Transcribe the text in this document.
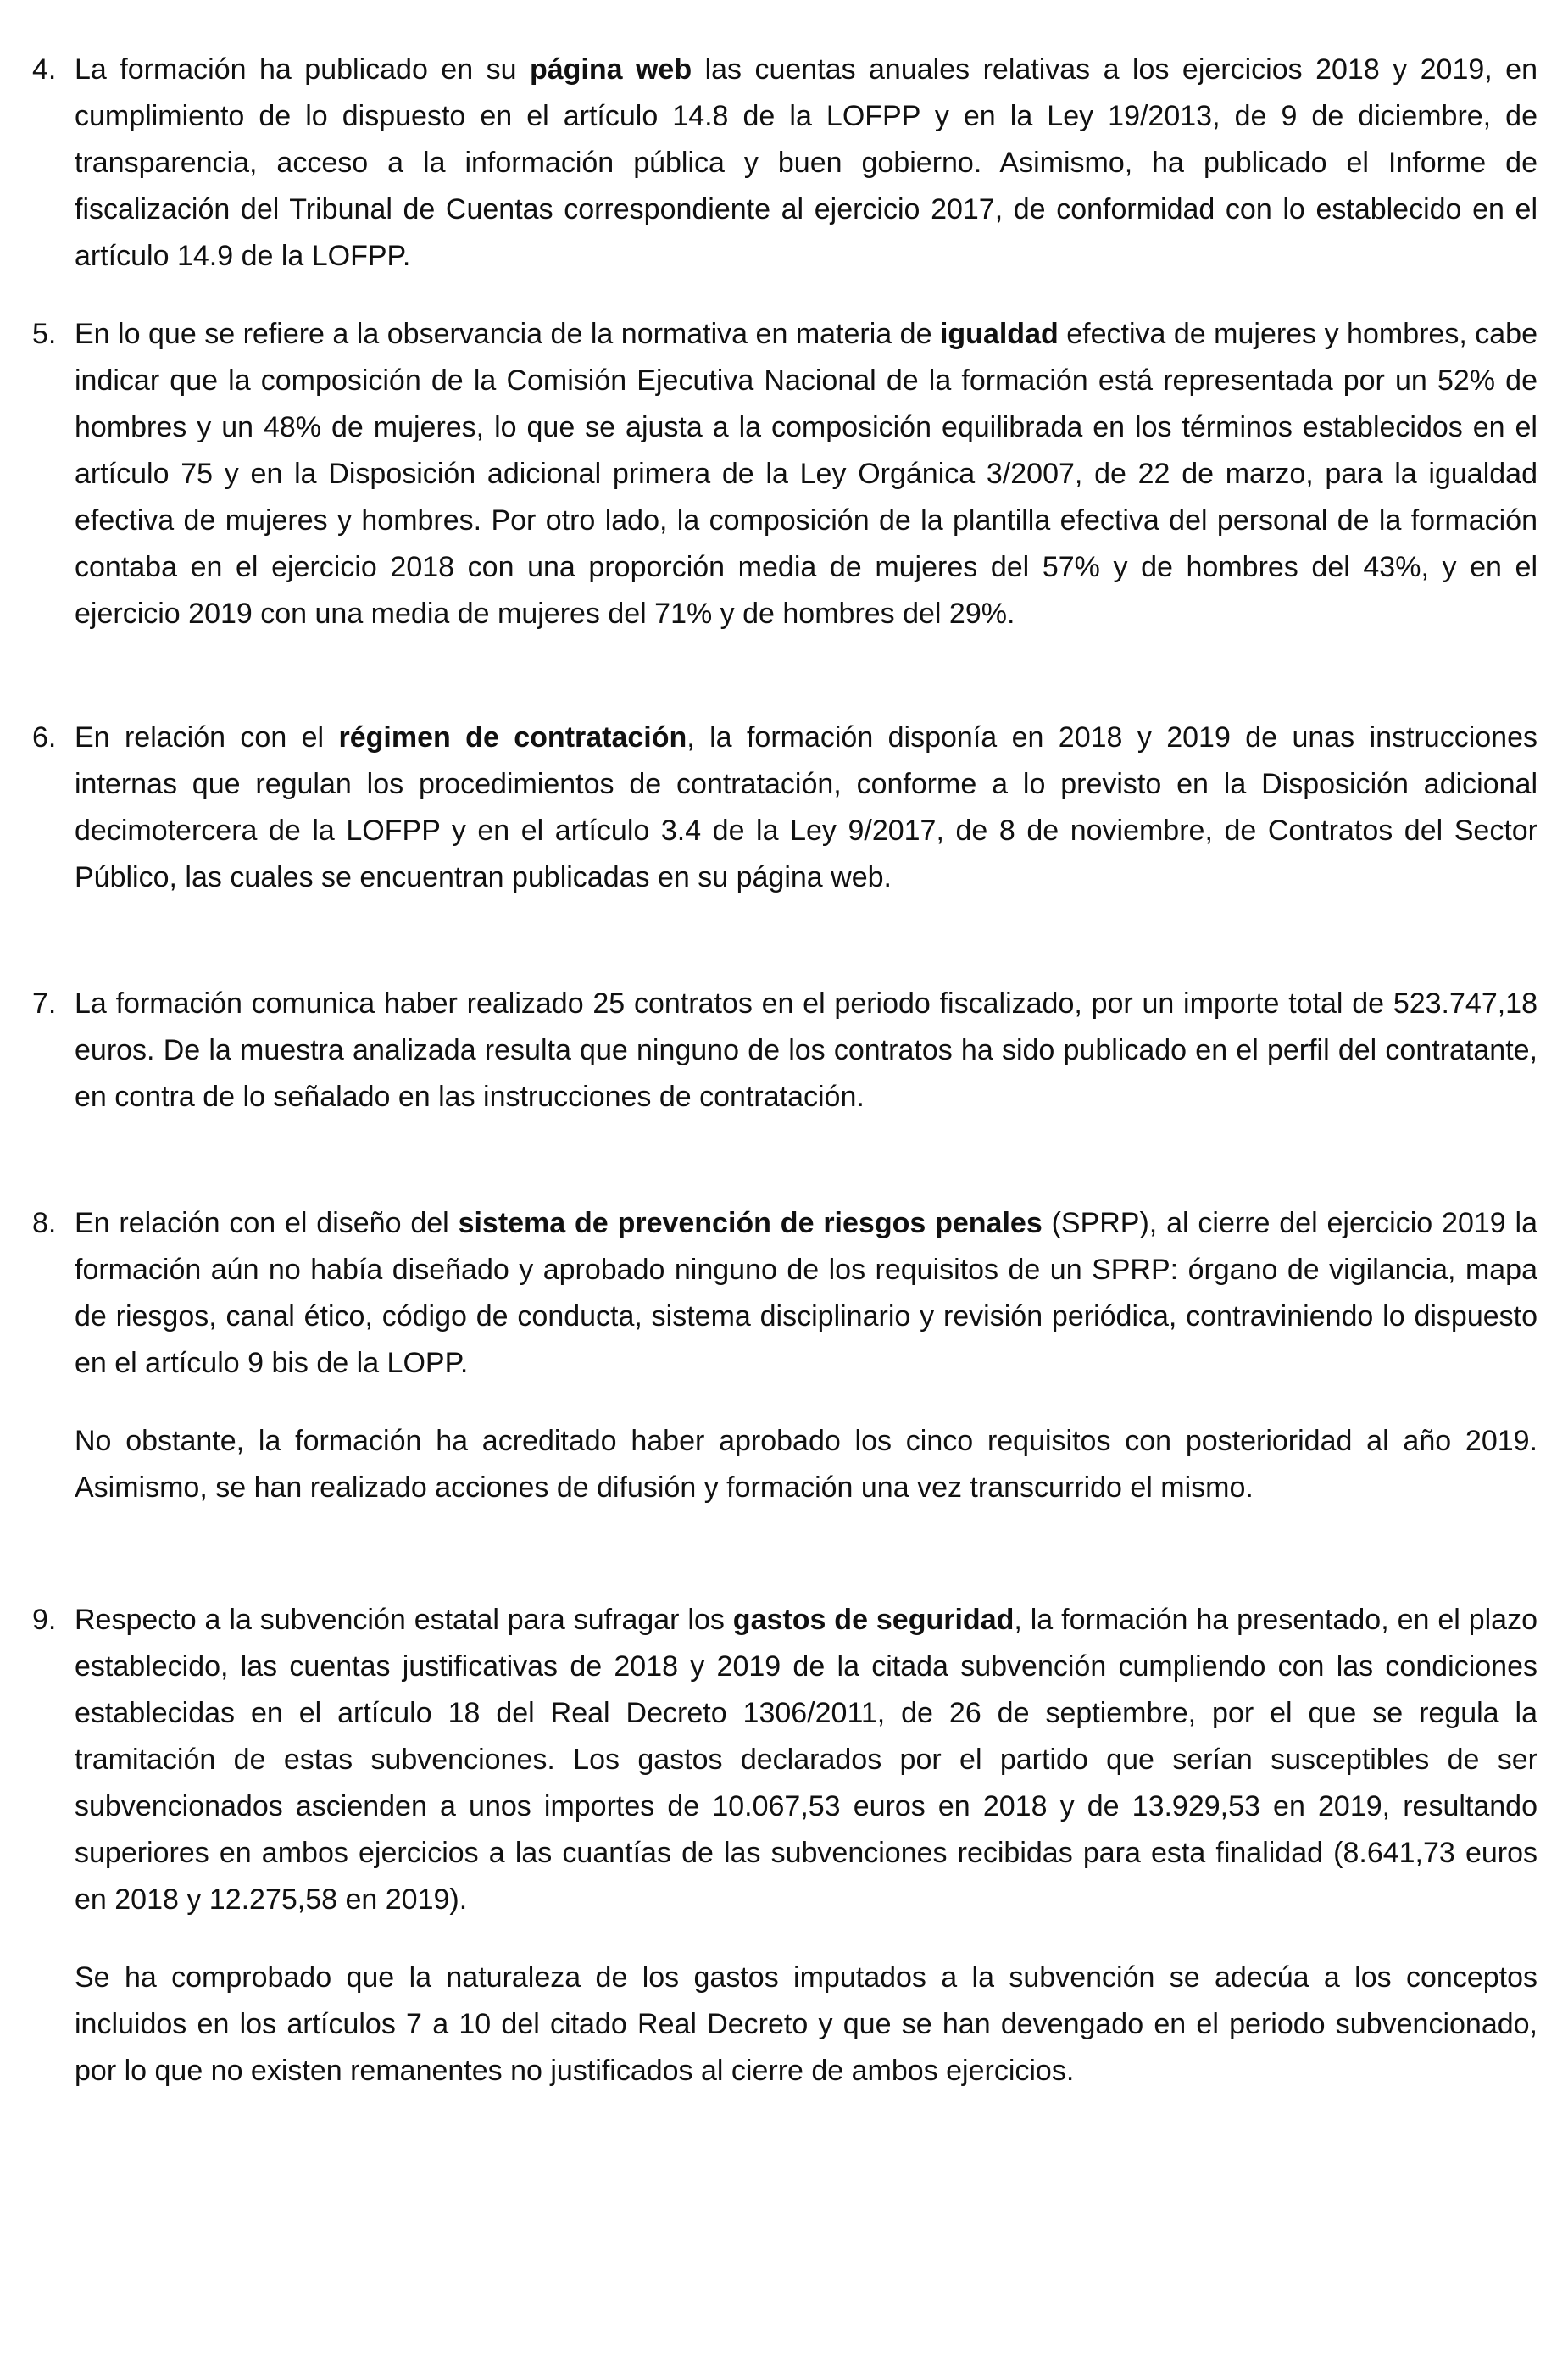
4. La formación ha publicado en su página web las cuentas anuales relativas a los ejercicios 2018 y 2019, en cumplimiento de lo dispuesto en el artículo 14.8 de la LOFPP y en la Ley 19/2013, de 9 de diciembre, de transparencia, acceso a la información pública y buen gobierno. Asimismo, ha publicado el Informe de fiscalización del Tribunal de Cuentas correspondiente al ejercicio 2017, de conformidad con lo establecido en el artículo 14.9 de la LOFPP.

5. En lo que se refiere a la observancia de la normativa en materia de igualdad efectiva de mujeres y hombres, cabe indicar que la composición de la Comisión Ejecutiva Nacional de la formación está representada por un 52% de hombres y un 48% de mujeres, lo que se ajusta a la composición equilibrada en los términos establecidos en el artículo 75 y en la Disposición adicional primera de la Ley Orgánica 3/2007, de 22 de marzo, para la igualdad efectiva de mujeres y hombres. Por otro lado, la composición de la plantilla efectiva del personal de la formación contaba en el ejercicio 2018 con una proporción media de mujeres del 57% y de hombres del 43%, y en el ejercicio 2019 con una media de mujeres del 71% y de hombres del 29%.

6. En relación con el régimen de contratación, la formación disponía en 2018 y 2019 de unas instrucciones internas que regulan los procedimientos de contratación, conforme a lo previsto en la Disposición adicional decimotercera de la LOFPP y en el artículo 3.4 de la Ley 9/2017, de 8 de noviembre, de Contratos del Sector Público, las cuales se encuentran publicadas en su página web.

7. La formación comunica haber realizado 25 contratos en el periodo fiscalizado, por un importe total de 523.747,18 euros. De la muestra analizada resulta que ninguno de los contratos ha sido publicado en el perfil del contratante, en contra de lo señalado en las instrucciones de contratación.

8. En relación con el diseño del sistema de prevención de riesgos penales (SPRP), al cierre del ejercicio 2019 la formación aún no había diseñado y aprobado ninguno de los requisitos de un SPRP: órgano de vigilancia, mapa de riesgos, canal ético, código de conducta, sistema disciplinario y revisión periódica, contraviniendo lo dispuesto en el artículo 9 bis de la LOPP.

No obstante, la formación ha acreditado haber aprobado los cinco requisitos con posterioridad al año 2019. Asimismo, se han realizado acciones de difusión y formación una vez transcurrido el mismo.

9. Respecto a la subvención estatal para sufragar los gastos de seguridad, la formación ha presentado, en el plazo establecido, las cuentas justificativas de 2018 y 2019 de la citada subvención cumpliendo con las condiciones establecidas en el artículo 18 del Real Decreto 1306/2011, de 26 de septiembre, por el que se regula la tramitación de estas subvenciones. Los gastos declarados por el partido que serían susceptibles de ser subvencionados ascienden a unos importes de 10.067,53 euros en 2018 y de 13.929,53 en 2019, resultando superiores en ambos ejercicios a las cuantías de las subvenciones recibidas para esta finalidad (8.641,73 euros en 2018 y 12.275,58 en 2019).

Se ha comprobado que la naturaleza de los gastos imputados a la subvención se adecúa a los conceptos incluidos en los artículos 7 a 10 del citado Real Decreto y que se han devengado en el periodo subvencionado, por lo que no existen remanentes no justificados al cierre de ambos ejercicios.
